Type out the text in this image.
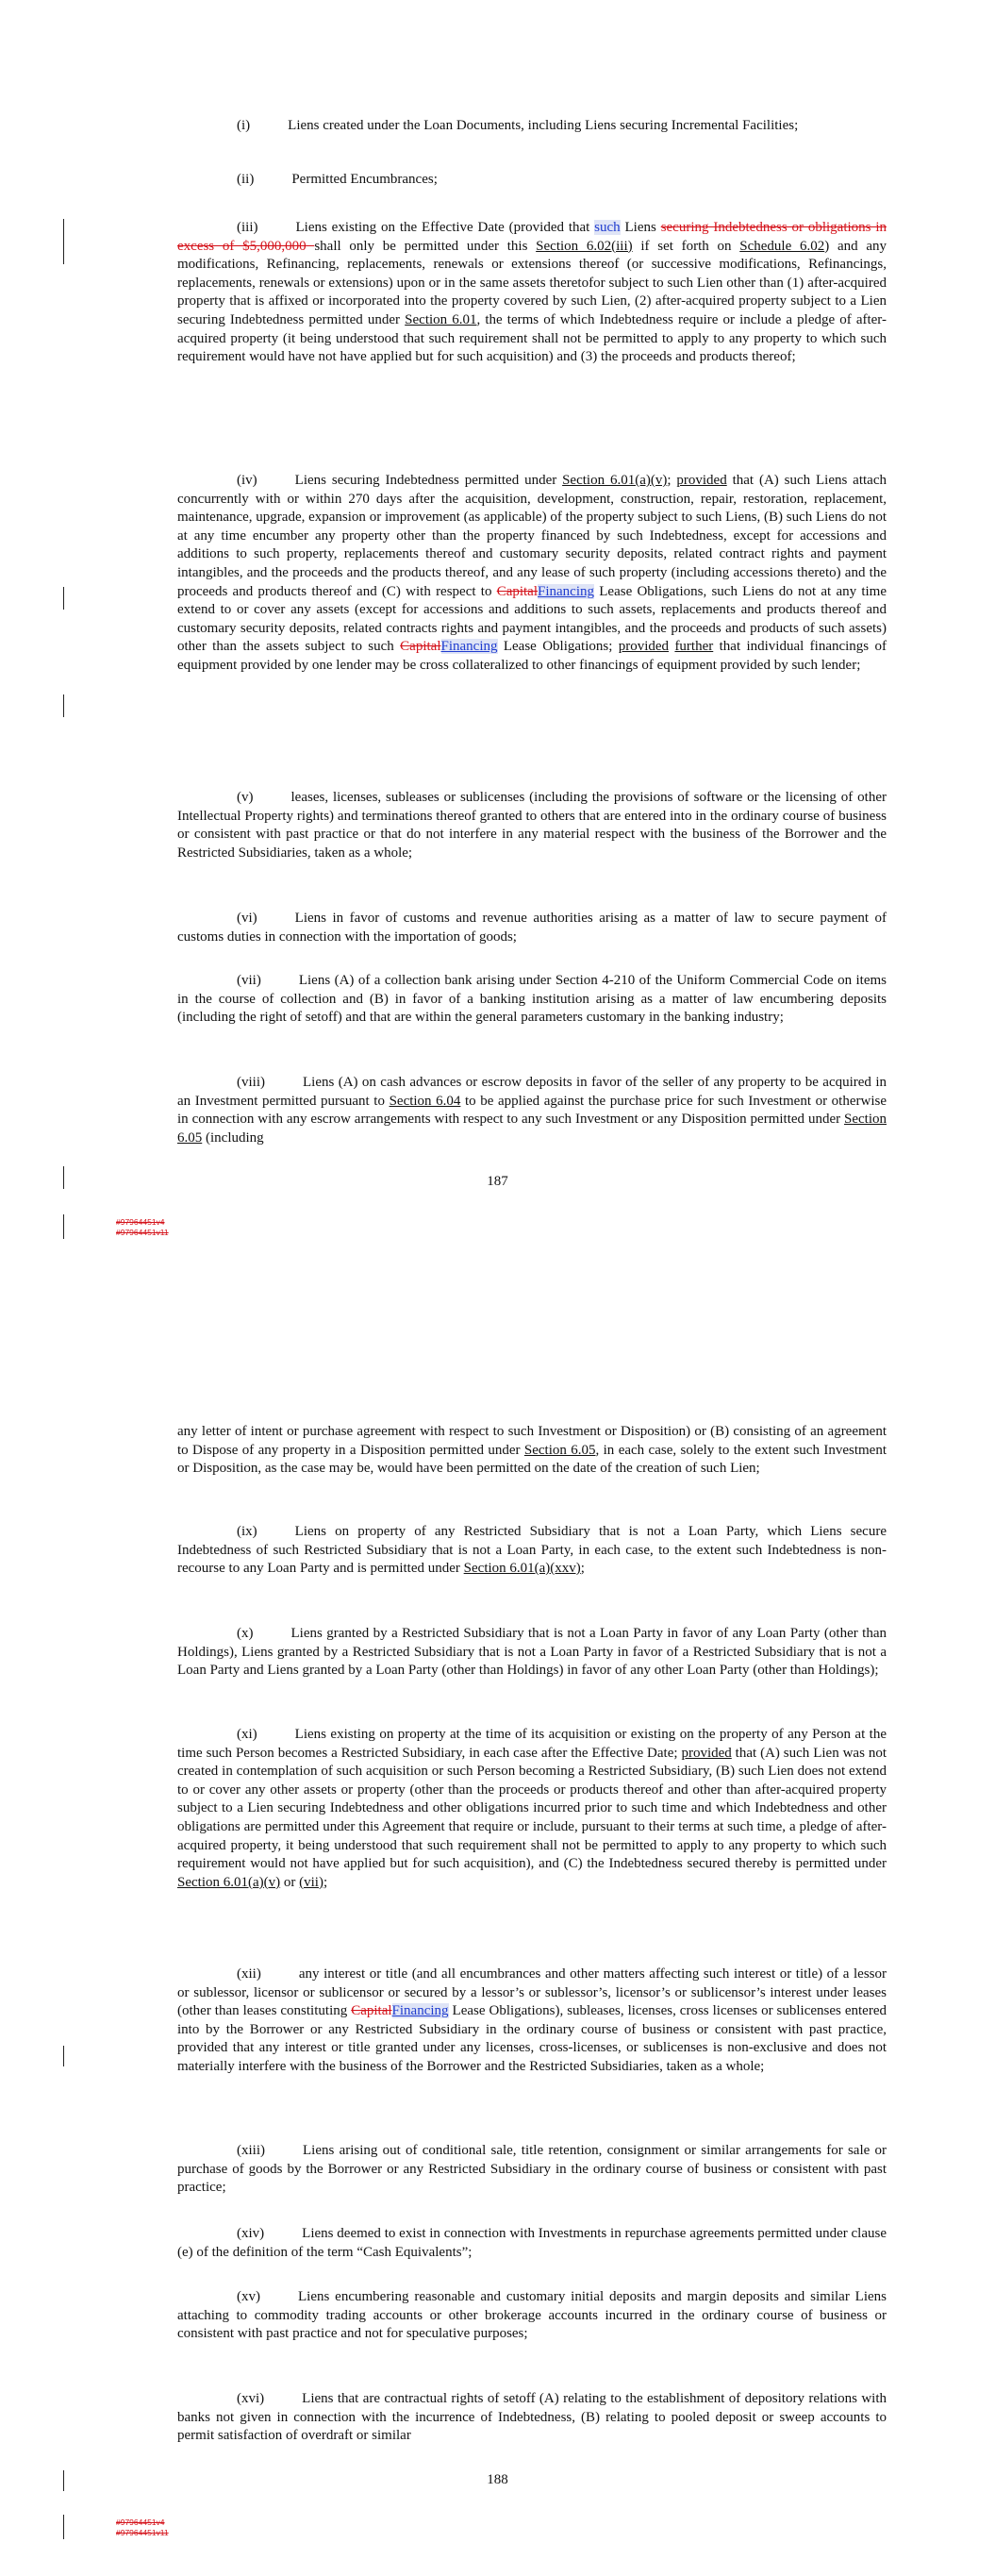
(i)	Liens created under the Loan Documents, including Liens securing Incremental Facilities;

(ii)	Permitted Encumbrances;

(iii)	Liens existing on the Effective Date (provided that such Liens securing Indebtedness or obligations in excess of $5,000,000 shall only be permitted under this Section 6.02(iii) if set forth on Schedule 6.02) and any modifications, Refinancing, replacements, renewals or extensions thereof (or successive modifications, Refinancings, replacements, renewals or extensions) upon or in the same assets theretofor subject to such Lien other than (1) after-acquired property that is affixed or incorporated into the property covered by such Lien, (2) after-acquired property subject to a Lien securing Indebtedness permitted under Section 6.01, the terms of which Indebtedness require or include a pledge of after-acquired property (it being understood that such requirement shall not be permitted to apply to any property to which such requirement would have not have applied but for such acquisition) and (3) the proceeds and products thereof;

(iv)	Liens securing Indebtedness permitted under Section 6.01(a)(v); provided that (A) such Liens attach concurrently with or within 270 days after the acquisition, development, construction, repair, restoration, replacement, maintenance, upgrade, expansion or improvement (as applicable) of the property subject to such Liens, (B) such Liens do not at any time encumber any property other than the property financed by such Indebtedness, except for accessions and additions to such property, replacements thereof and customary security deposits, related contract rights and payment intangibles, and the proceeds and the products thereof, and any lease of such property (including accessions thereto) and the proceeds and products thereof and (C) with respect to CapitalFinancing Lease Obligations, such Liens do not at any time extend to or cover any assets (except for accessions and additions to such assets, replacements and products thereof and customary security deposits, related contracts rights and payment intangibles, and the proceeds and products of such assets) other than the assets subject to such CapitalFinancing Lease Obligations; provided further that individual financings of equipment provided by one lender may be cross collateralized to other financings of equipment provided by such lender;

(v)	leases, licenses, subleases or sublicenses (including the provisions of software or the licensing of other Intellectual Property rights) and terminations thereof granted to others that are entered into in the ordinary course of business or consistent with past practice or that do not interfere in any material respect with the business of the Borrower and the Restricted Subsidiaries, taken as a whole;

(vi)	Liens in favor of customs and revenue authorities arising as a matter of law to secure payment of customs duties in connection with the importation of goods;

(vii)	Liens (A) of a collection bank arising under Section 4-210 of the Uniform Commercial Code on items in the course of collection and (B) in favor of a banking institution arising as a matter of law encumbering deposits (including the right of setoff) and that are within the general parameters customary in the banking industry;

(viii)	Liens (A) on cash advances or escrow deposits in favor of the seller of any property to be acquired in an Investment permitted pursuant to Section 6.04 to be applied against the purchase price for such Investment or otherwise in connection with any escrow arrangements with respect to any such Investment or any Disposition permitted under Section 6.05 (including

187
#97964451v4
#97964451v11

any letter of intent or purchase agreement with respect to such Investment or Disposition) or (B) consisting of an agreement to Dispose of any property in a Disposition permitted under Section 6.05, in each case, solely to the extent such Investment or Disposition, as the case may be, would have been permitted on the date of the creation of such Lien;

(ix)	Liens on property of any Restricted Subsidiary that is not a Loan Party, which Liens secure Indebtedness of such Restricted Subsidiary that is not a Loan Party, in each case, to the extent such Indebtedness is non-recourse to any Loan Party and is permitted under Section 6.01(a)(xxv);

(x)	Liens granted by a Restricted Subsidiary that is not a Loan Party in favor of any Loan Party (other than Holdings), Liens granted by a Restricted Subsidiary that is not a Loan Party in favor of a Restricted Subsidiary that is not a Loan Party and Liens granted by a Loan Party (other than Holdings) in favor of any other Loan Party (other than Holdings);

(xi)	Liens existing on property at the time of its acquisition or existing on the property of any Person at the time such Person becomes a Restricted Subsidiary, in each case after the Effective Date; provided that (A) such Lien was not created in contemplation of such acquisition or such Person becoming a Restricted Subsidiary, (B) such Lien does not extend to or cover any other assets or property (other than the proceeds or products thereof and other than after-acquired property subject to a Lien securing Indebtedness and other obligations incurred prior to such time and which Indebtedness and other obligations are permitted under this Agreement that require or include, pursuant to their terms at such time, a pledge of after-acquired property, it being understood that such requirement shall not be permitted to apply to any property to which such requirement would not have applied but for such acquisition), and (C) the Indebtedness secured thereby is permitted under Section 6.01(a)(v) or (vii);

(xii)	any interest or title (and all encumbrances and other matters affecting such interest or title) of a lessor or sublessor, licensor or sublicensor or secured by a lessor’s or sublessor’s, licensor’s or sublicensor’s interest under leases (other than leases constituting CapitalFinancing Lease Obligations), subleases, licenses, cross licenses or sublicenses entered into by the Borrower or any Restricted Subsidiary in the ordinary course of business or consistent with past practice, provided that any interest or title granted under any licenses, cross-licenses, or sublicenses is non-exclusive and does not materially interfere with the business of the Borrower and the Restricted Subsidiaries, taken as a whole;

(xiii)	Liens arising out of conditional sale, title retention, consignment or similar arrangements for sale or purchase of goods by the Borrower or any Restricted Subsidiary in the ordinary course of business or consistent with past practice;

(xiv)	Liens deemed to exist in connection with Investments in repurchase agreements permitted under clause (e) of the definition of the term “Cash Equivalents”;

(xv)	Liens encumbering reasonable and customary initial deposits and margin deposits and similar Liens attaching to commodity trading accounts or other brokerage accounts incurred in the ordinary course of business or consistent with past practice and not for speculative purposes;

(xvi)	Liens that are contractual rights of setoff (A) relating to the establishment of depository relations with banks not given in connection with the incurrence of Indebtedness, (B) relating to pooled deposit or sweep accounts to permit satisfaction of overdraft or similar

188
#97964451v4
#97964451v11
